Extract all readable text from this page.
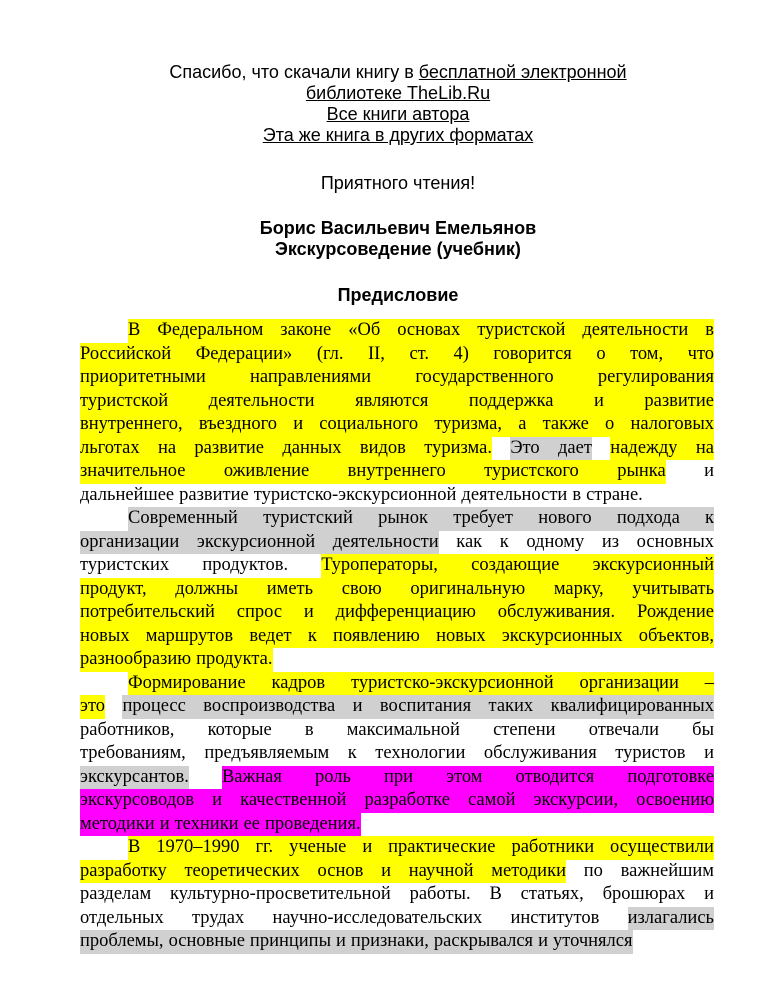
Спасибо, что скачали книгу в бесплатной электронной
библиотеке TheLib.Ru
Все книги автора
Эта же книга в других форматах
Приятного чтения!
Борис Васильевич Емельянов
Экскурсоведение (учебник)
Предисловие
В
Федеральном
законе
«Об
основах
туристской
деятельности
в
Российской
Федерации»
(гл.
II,
ст.
4)
говорится
о
том,
что
приоритетными
направлениями
государственного
регулирования
туристской
деятельности
являются
поддержка
и
развитие
внутреннего,
въездного
и
социального
туризма,
а
также
о
налоговых
льготах
на
развитие
данных
видов
туризма.
Это
дает
надежду
на
значительное
оживление
внутреннего
туристского
рынка
и
дальнейшее
развитие
туристско-экскурсионной
деятельности
в
стране.
Современный
туристский
рынок
требует
нового
подхода
к
организации
экскурсионной
деятельности
как
к
одному
из
основных
туристских
продуктов.
Туроператоры,
создающие
экскурсионный
продукт,
должны
иметь
свою
оригинальную
марку,
учитывать
потребительский
спрос
и
дифференциацию
обслуживания.
Рождение
новых
маршрутов
ведет
к
появлению
новых
экскурсионных
объектов,
разнообразию
продукта.
Формирование
кадров
туристско-экскурсионной
организации
–
это
процесс
воспроизводства
и
воспитания
таких
квалифицированных
работников,
которые
в
максимальной
степени
отвечали
бы
требованиям,
предъявляемым
к
технологии
обслуживания
туристов
и
экскурсантов.
Важная
роль
при
этом
отводится
подготовке
экскурсоводов
и
качественной
разработке
самой
экскурсии,
освоению
методики
и
техники
ее
проведения.
В
1970–1990
гг.
ученые
и
практические
работники
осуществили
разработку
теоретических
основ
и
научной
методики
по
важнейшим
разделам
культурно-просветительной
работы.
В
статьях,
брошюрах
и
отдельных
трудах
научно-исследовательских
институтов
излагались
проблемы,
основные
принципы
и
признаки,
раскрывался
и
уточнялся
